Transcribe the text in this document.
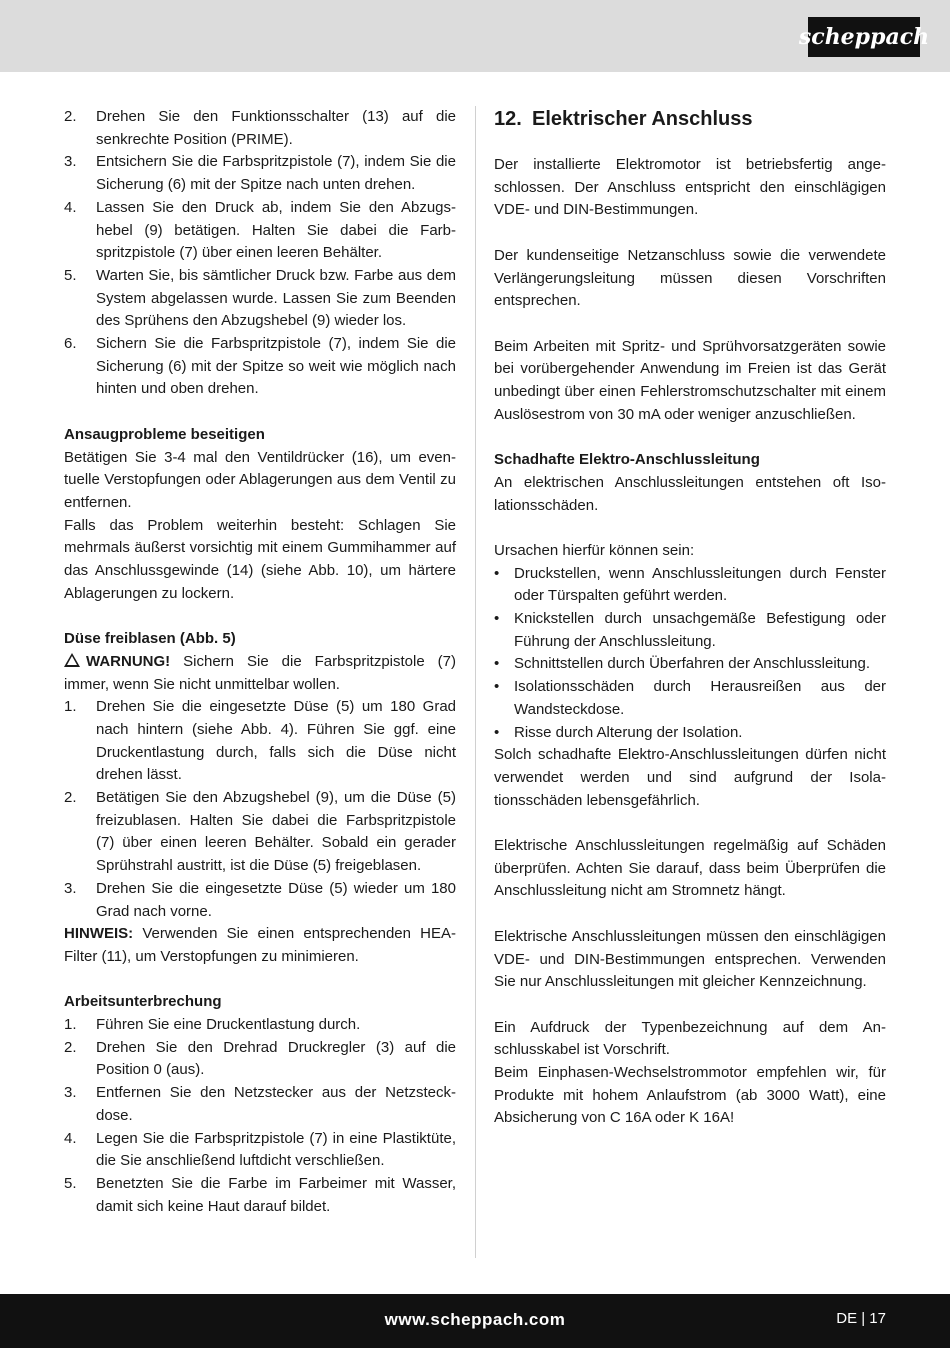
scheppach
2.	Drehen Sie den Funktionsschalter (13) auf die senkrechte Position (PRIME).
3.	Entsichern Sie die Farbspritzpistole (7), indem Sie die Sicherung (6) mit der Spitze nach unten drehen.
4.	Lassen Sie den Druck ab, indem Sie den Abzugshebel (9) betätigen. Halten Sie dabei die Farbspritzpistole (7) über einen leeren Behälter.
5.	Warten Sie, bis sämtlicher Druck bzw. Farbe aus dem System abgelassen wurde. Lassen Sie zum Beenden des Sprühens den Abzugshebel (9) wieder los.
6.	Sichern Sie die Farbspritzpistole (7), indem Sie die Sicherung (6) mit der Spitze so weit wie möglich nach hinten und oben drehen.

Ansaugprobleme beseitigen

Betätigen Sie 3-4 mal den Ventildrücker (16), um eventuelle Verstopfungen oder Ablagerungen aus dem Ventil zu entfernen.

Falls das Problem weiterhin besteht: Schlagen Sie mehrmals äußerst vorsichtig mit einem Gummihammer auf das Anschlussgewinde (14) (siehe Abb. 10), um härtere Ablagerungen zu lockern.

Düse freiblasen (Abb. 5)

WARNUNG! Sichern Sie die Farbspritzpistole (7) immer, wenn Sie nicht unmittelbar wollen.

1.	Drehen Sie die eingesetzte Düse (5) um 180 Grad nach hintern (siehe Abb. 4). Führen Sie ggf. eine Druckentlastung durch, falls sich die Düse nicht drehen lässt.
2.	Betätigen Sie den Abzugshebel (9), um die Düse (5) freizublasen. Halten Sie dabei die Farbspritzpistole (7) über einen leeren Behälter. Sobald ein gerader Sprühstrahl austritt, ist die Düse (5) freigeblasen.
3.	Drehen Sie die eingesetzte Düse (5) wieder um 180 Grad nach vorne.

HINWEIS: Verwenden Sie einen entsprechenden HEA-Filter (11), um Verstopfungen zu minimieren.

Arbeitsunterbrechung

1.	Führen Sie eine Druckentlastung durch.
2.	Drehen Sie den Drehrad Druckregler (3) auf die Position 0 (aus).
3.	Entfernen Sie den Netzstecker aus der Netzsteckdose.
4.	Legen Sie die Farbspritzpistole (7) in eine Plastiktüte, die Sie anschließend luftdicht verschließen.
5.	Benetzten Sie die Farbe im Farbeimer mit Wasser, damit sich keine Haut darauf bildet.
12. Elektrischer Anschluss

Der installierte Elektromotor ist betriebsfertig angeschlossen. Der Anschluss entspricht den einschlägigen VDE- und DIN-Bestimmungen.

Der kundenseitige Netzanschluss sowie die verwendete Verlängerungsleitung müssen diesen Vorschriften entsprechen.

Beim Arbeiten mit Spritz- und Sprühvorsatzgeräten sowie bei vorübergehender Anwendung im Freien ist das Gerät unbedingt über einen Fehlerstromschutzschalter mit einem Auslösestrom von 30 mA oder weniger anzuschließen.

Schadhafte Elektro-Anschlussleitung

An elektrischen Anschlussleitungen entstehen oft Isolationsschäden.

Ursachen hierfür können sein:

• Druckstellen, wenn Anschlussleitungen durch Fenster oder Türspalten geführt werden.
• Knickstellen durch unsachgemäße Befestigung oder Führung der Anschlussleitung.
• Schnittstellen durch Überfahren der Anschlussleitung.
• Isolationsschäden durch Herausreißen aus der Wandsteckdose.
• Risse durch Alterung der Isolation.

Solch schadhafte Elektro-Anschlussleitungen dürfen nicht verwendet werden und sind aufgrund der Isolationsschäden lebensgefährlich.

Elektrische Anschlussleitungen regelmäßig auf Schäden überprüfen. Achten Sie darauf, dass beim Überprüfen die Anschlussleitung nicht am Stromnetz hängt.

Elektrische Anschlussleitungen müssen den einschlägigen VDE- und DIN-Bestimmungen entsprechen. Verwenden Sie nur Anschlussleitungen mit gleicher Kennzeichnung.

Ein Aufdruck der Typenbezeichnung auf dem Anschlusskabel ist Vorschrift.

Beim Einphasen-Wechselstrommotor empfehlen wir, für Produkte mit hohem Anlaufstrom (ab 3000 Watt), eine Absicherung von C 16A oder K 16A!

www.scheppach.com	DE | 17
